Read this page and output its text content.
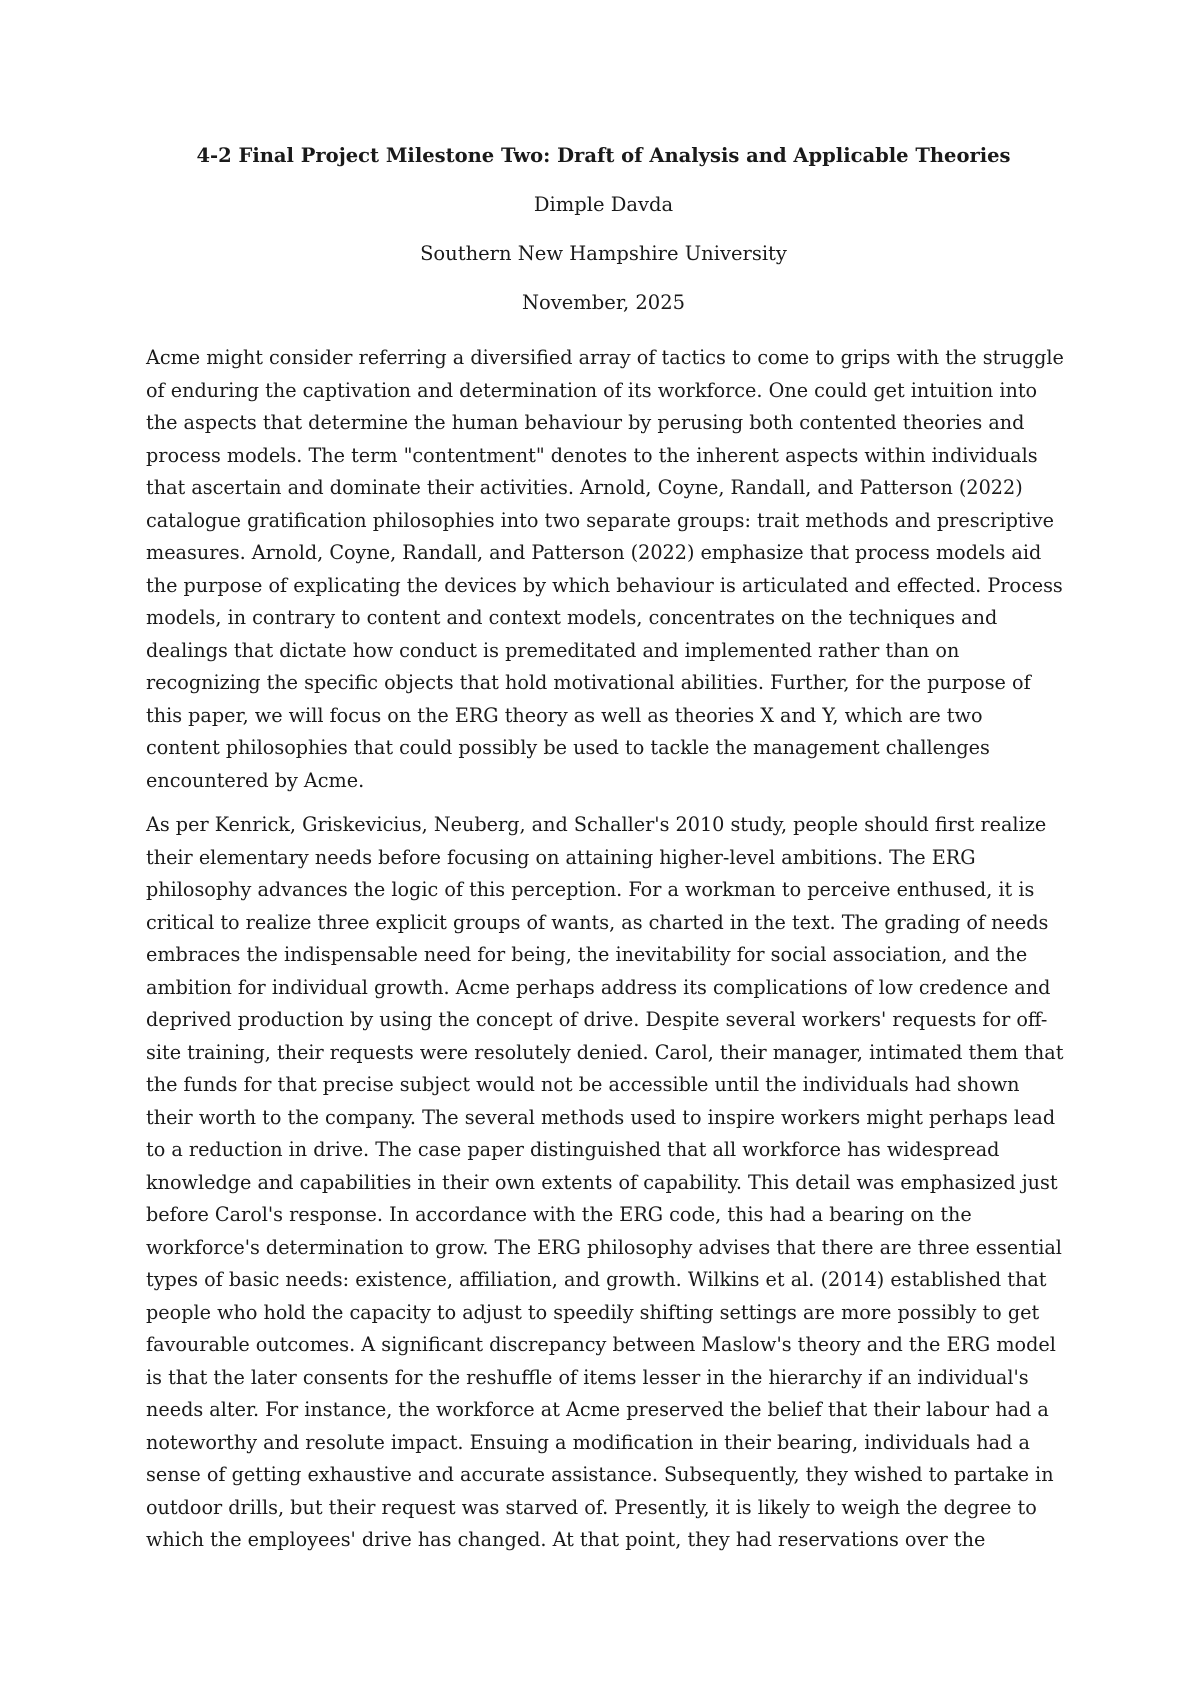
4-2 Final Project Milestone Two: Draft of Analysis and Applicable Theories
Dimple Davda
Southern New Hampshire University
November, 2025
Acme might consider referring a diversified array of tactics to come to grips with the struggle
of enduring the captivation and determination of its workforce. One could get intuition into
the aspects that determine the human behaviour by perusing both contented theories and
process models. The term "contentment" denotes to the inherent aspects within individuals
that ascertain and dominate their activities. Arnold, Coyne, Randall, and Patterson (2022)
catalogue gratification philosophies into two separate groups: trait methods and prescriptive
measures. Arnold, Coyne, Randall, and Patterson (2022) emphasize that process models aid
the purpose of explicating the devices by which behaviour is articulated and effected. Process
models, in contrary to content and context models, concentrates on the techniques and
dealings that dictate how conduct is premeditated and implemented rather than on
recognizing the specific objects that hold motivational abilities. Further, for the purpose of
this paper, we will focus on the ERG theory as well as theories X and Y, which are two
content philosophies that could possibly be used to tackle the management challenges
encountered by Acme.
As per Kenrick, Griskevicius, Neuberg, and Schaller's 2010 study, people should first realize
their elementary needs before focusing on attaining higher-level ambitions. The ERG
philosophy advances the logic of this perception. For a workman to perceive enthused, it is
critical to realize three explicit groups of wants, as charted in the text. The grading of needs
embraces the indispensable need for being, the inevitability for social association, and the
ambition for individual growth. Acme perhaps address its complications of low credence and
deprived production by using the concept of drive. Despite several workers' requests for off-
site training, their requests were resolutely denied. Carol, their manager, intimated them that
the funds for that precise subject would not be accessible until the individuals had shown
their worth to the company. The several methods used to inspire workers might perhaps lead
to a reduction in drive. The case paper distinguished that all workforce has widespread
knowledge and capabilities in their own extents of capability. This detail was emphasized just
before Carol's response. In accordance with the ERG code, this had a bearing on the
workforce's determination to grow. The ERG philosophy advises that there are three essential
types of basic needs: existence, affiliation, and growth. Wilkins et al. (2014) established that
people who hold the capacity to adjust to speedily shifting settings are more possibly to get
favourable outcomes. A significant discrepancy between Maslow's theory and the ERG model
is that the later consents for the reshuffle of items lesser in the hierarchy if an individual's
needs alter. For instance, the workforce at Acme preserved the belief that their labour had a
noteworthy and resolute impact. Ensuing a modification in their bearing, individuals had a
sense of getting exhaustive and accurate assistance. Subsequently, they wished to partake in
outdoor drills, but their request was starved of. Presently, it is likely to weigh the degree to
which the employees' drive has changed. At that point, they had reservations over the
